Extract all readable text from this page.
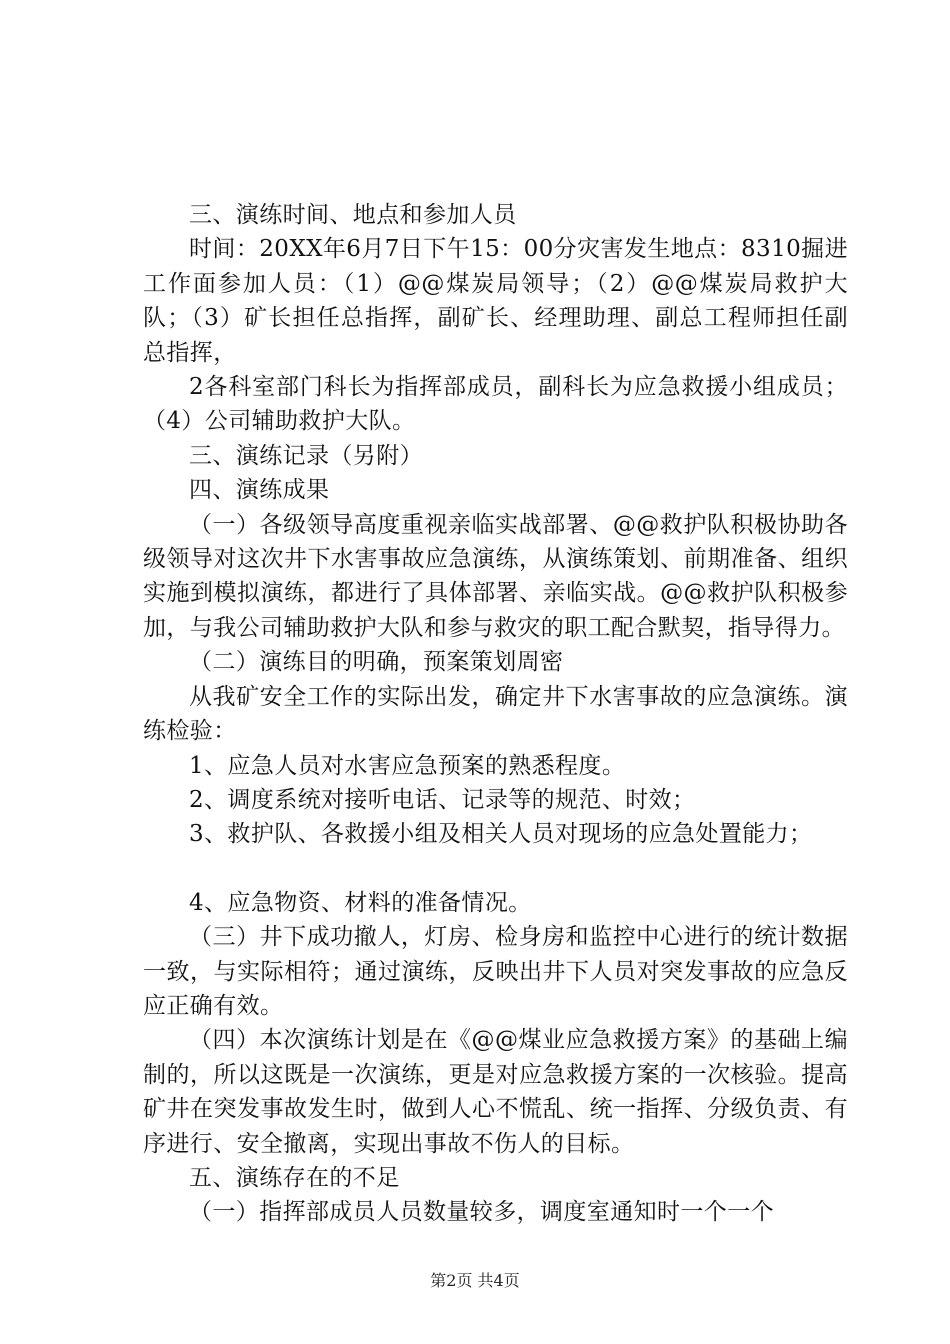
三、演练时间、地点和参加人员

时间：20XX年6月7日下午15：00分灾害发生地点：8310掘进工作面参加人员：（1）@@煤炭局领导；（2）@@煤炭局救护大队；（3）矿长担任总指挥，副矿长、经理助理、副总工程师担任副总指挥，

2各科室部门科长为指挥部成员，副科长为应急救援小组成员；（4）公司辅助救护大队。

三、演练记录（另附）

四、演练成果

（一）各级领导高度重视亲临实战部署、@@救护队积极协助各级领导对这次井下水害事故应急演练，从演练策划、前期准备、组织实施到模拟演练，都进行了具体部署、亲临实战。@@救护队积极参加，与我公司辅助救护大队和参与救灾的职工配合默契，指导得力。

（二）演练目的明确，预案策划周密

从我矿安全工作的实际出发，确定井下水害事故的应急演练。演练检验：

1、应急人员对水害应急预案的熟悉程度。

2、调度系统对接听电话、记录等的规范、时效；

3、救护队、各救援小组及相关人员对现场的应急处置能力；

4、应急物资、材料的准备情况。

（三）井下成功撤人，灯房、检身房和监控中心进行的统计数据一致，与实际相符；通过演练，反映出井下人员对突发事故的应急反应正确有效。

（四）本次演练计划是在《@@煤业应急救援方案》的基础上编制的，所以这既是一次演练，更是对应急救援方案的一次核验。提高矿井在突发事故发生时，做到人心不慌乱、统一指挥、分级负责、有序进行、安全撤离，实现出事故不伤人的目标。

五、演练存在的不足

（一）指挥部成员人员数量较多，调度室通知时一个一个

第2页 共4页
